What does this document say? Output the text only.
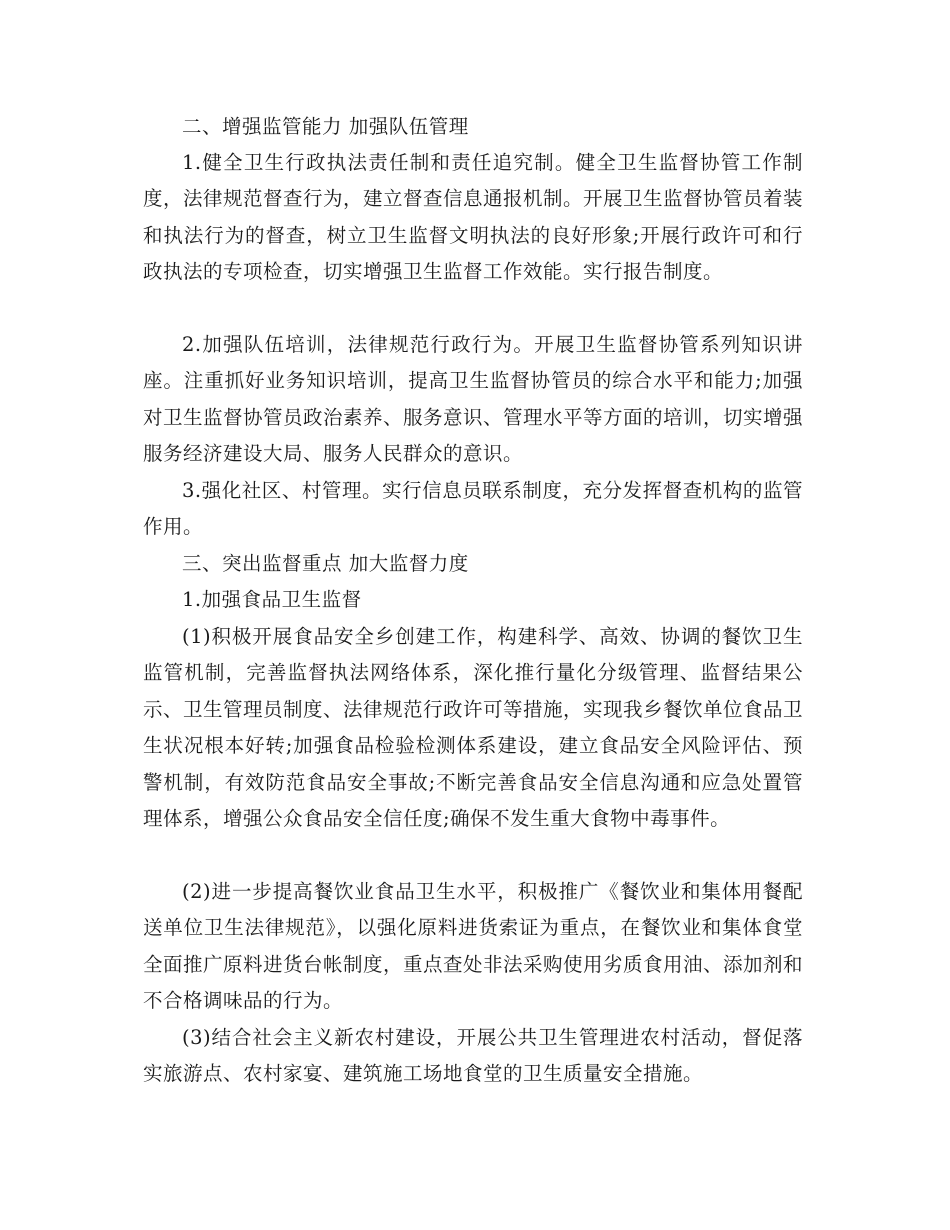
二、增强监管能力 加强队伍管理

1.健全卫生行政执法责任制和责任追究制。健全卫生监督协管工作制度，法律规范督查行为，建立督查信息通报机制。开展卫生监督协管员着装和执法行为的督查，树立卫生监督文明执法的良好形象;开展行政许可和行政执法的专项检查，切实增强卫生监督工作效能。实行报告制度。

2.加强队伍培训，法律规范行政行为。开展卫生监督协管系列知识讲座。注重抓好业务知识培训，提高卫生监督协管员的综合水平和能力;加强对卫生监督协管员政治素养、服务意识、管理水平等方面的培训，切实增强服务经济建设大局、服务人民群众的意识。

3.强化社区、村管理。实行信息员联系制度，充分发挥督查机构的监管作用。

三、突出监督重点 加大监督力度

1.加强食品卫生监督

(1)积极开展食品安全乡创建工作，构建科学、高效、协调的餐饮卫生监管机制，完善监督执法网络体系，深化推行量化分级管理、监督结果公示、卫生管理员制度、法律规范行政许可等措施，实现我乡餐饮单位食品卫生状况根本好转;加强食品检验检测体系建设，建立食品安全风险评估、预警机制，有效防范食品安全事故;不断完善食品安全信息沟通和应急处置管理体系，增强公众食品安全信任度;确保不发生重大食物中毒事件。

(2)进一步提高餐饮业食品卫生水平，积极推广《餐饮业和集体用餐配送单位卫生法律规范》，以强化原料进货索证为重点，在餐饮业和集体食堂全面推广原料进货台帐制度，重点查处非法采购使用劣质食用油、添加剂和不合格调味品的行为。

(3)结合社会主义新农村建设，开展公共卫生管理进农村活动，督促落实旅游点、农村家宴、建筑施工场地食堂的卫生质量安全措施。
